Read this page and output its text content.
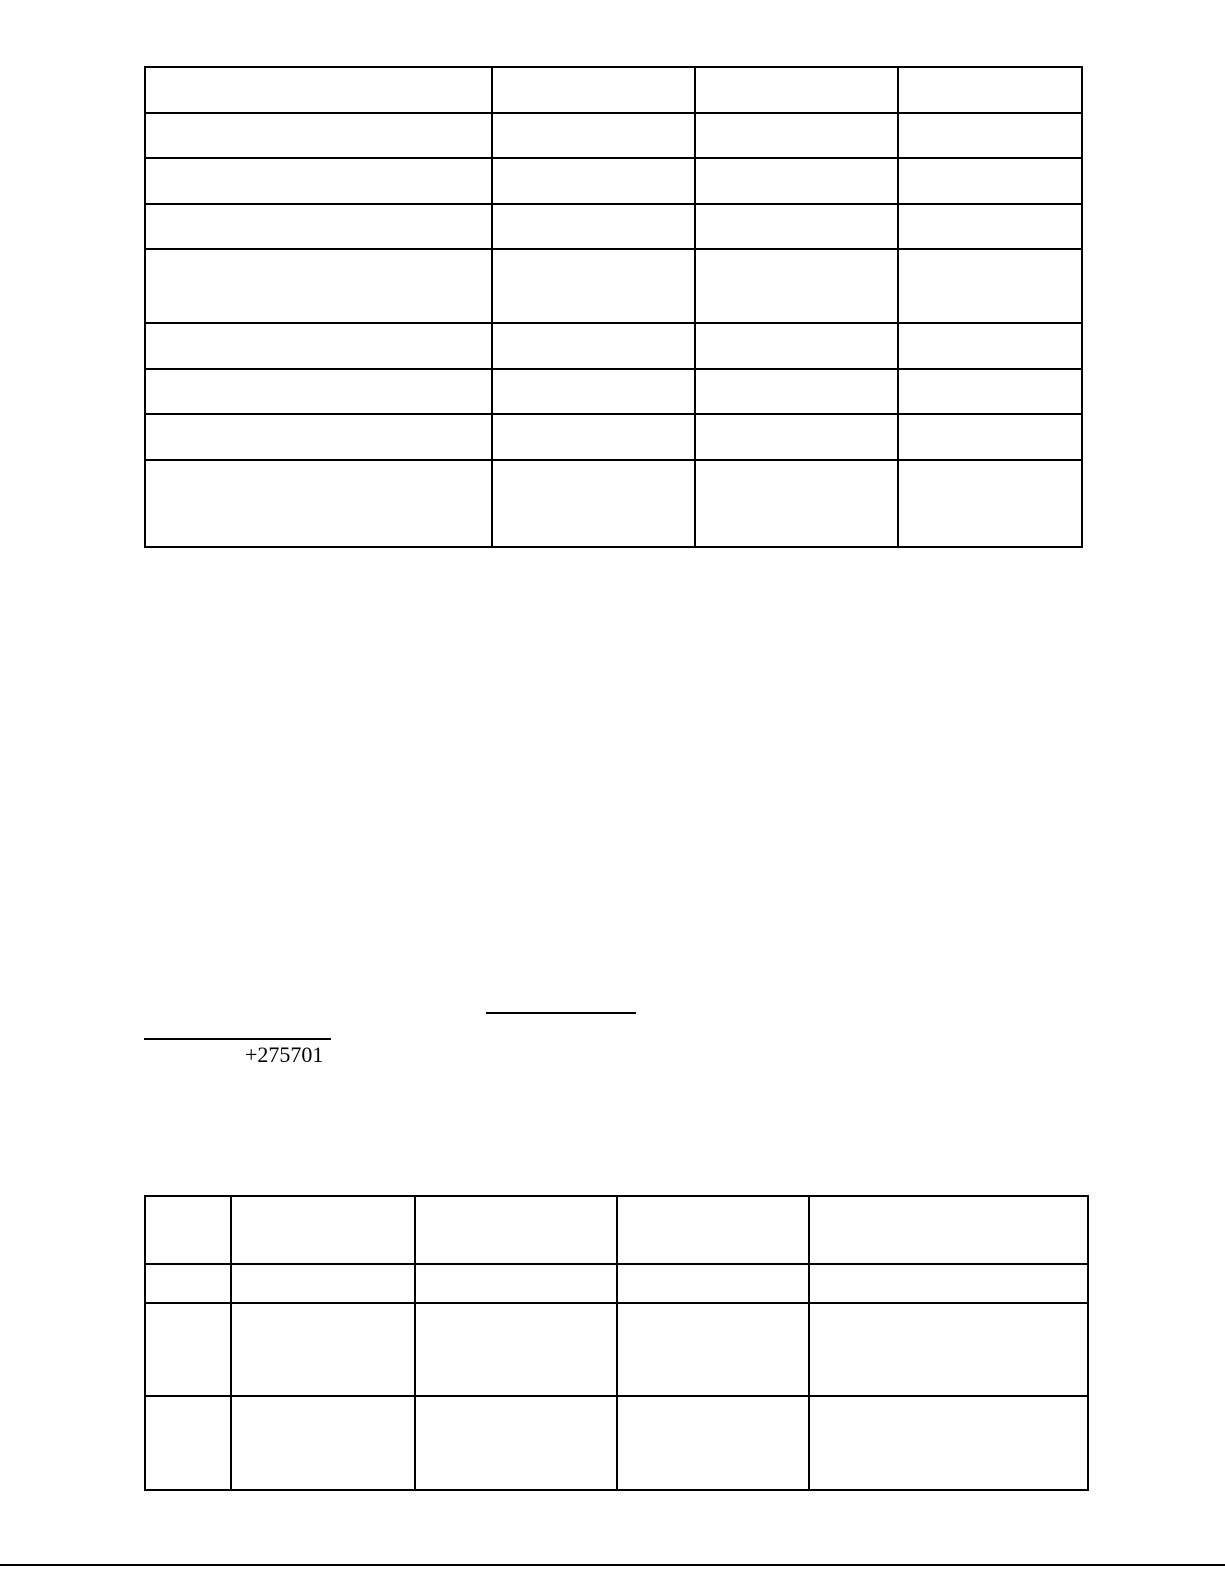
+275701
